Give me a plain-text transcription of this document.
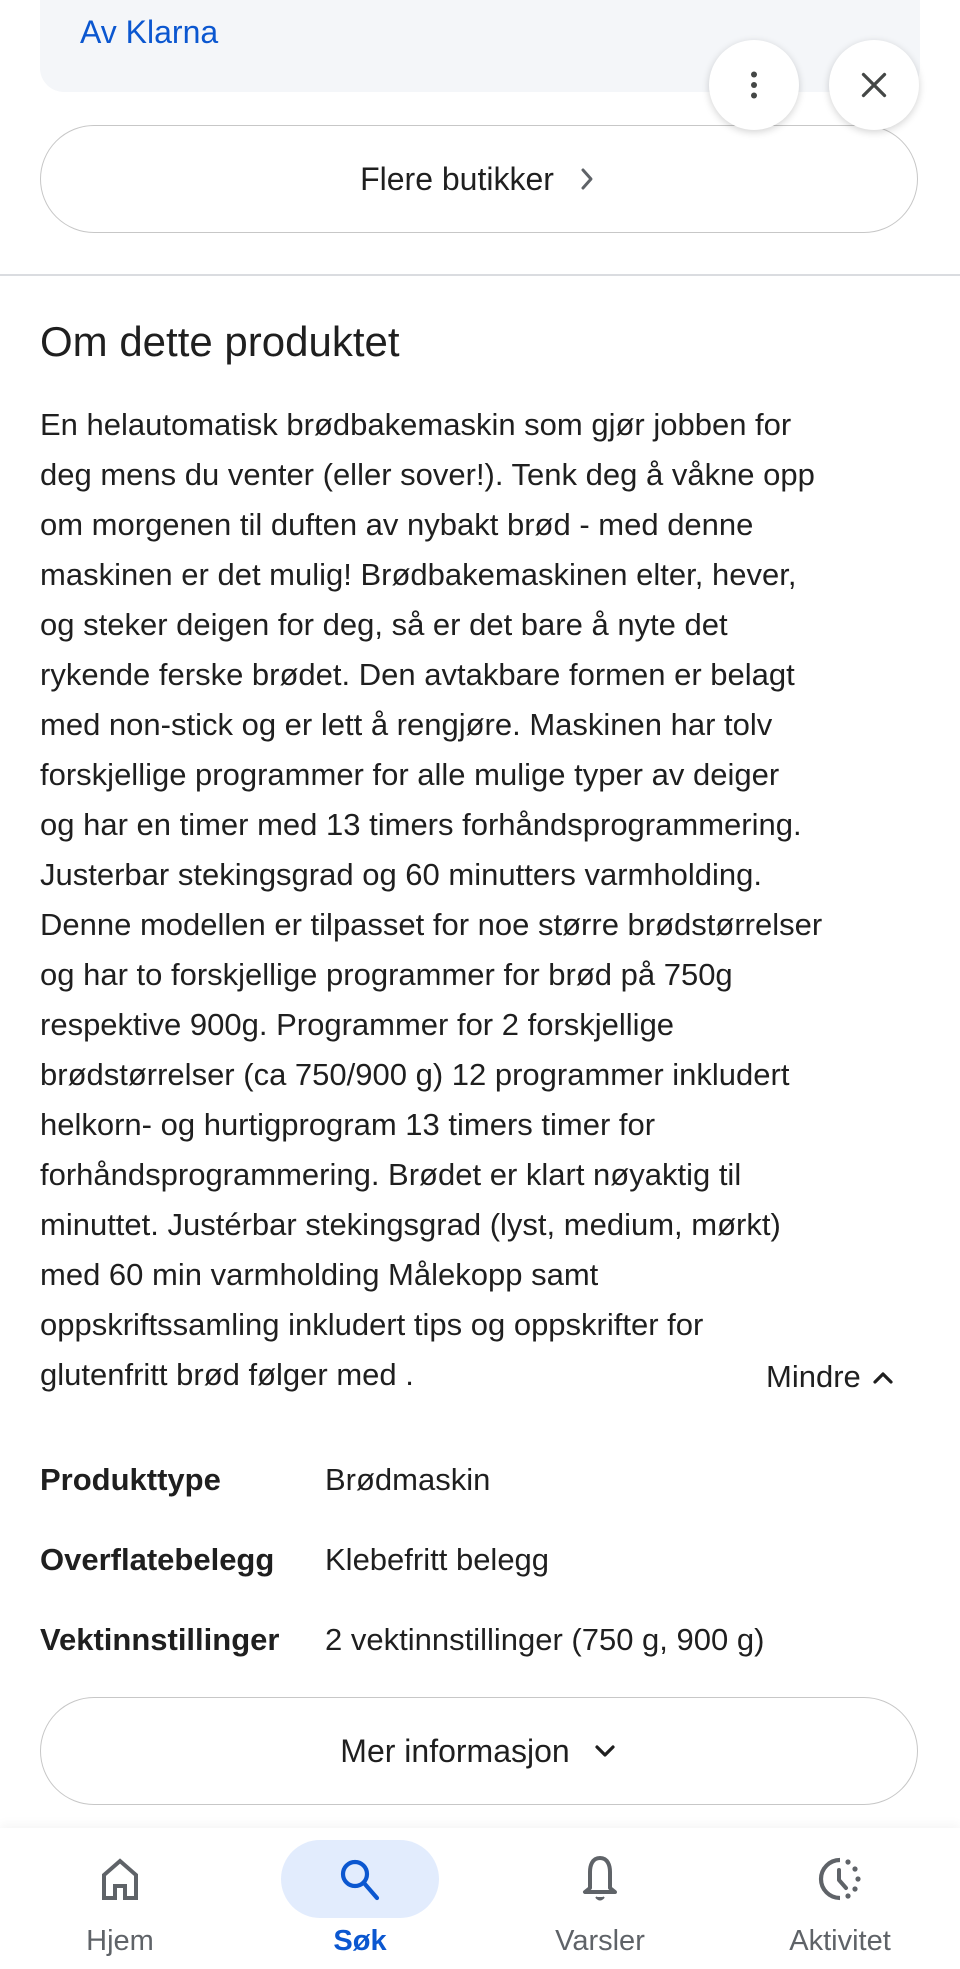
Av Klarna
Flere butikker
Om dette produktet

En helautomatisk brødbakemaskin som gjør jobben for
deg mens du venter (eller sover!). Tenk deg å våkne opp
om morgenen til duften av nybakt brød - med denne
maskinen er det mulig! Brødbakemaskinen elter, hever,
og steker deigen for deg, så er det bare å nyte det
rykende ferske brødet. Den avtakbare formen er belagt
med non-stick og er lett å rengjøre. Maskinen har tolv
forskjellige programmer for alle mulige typer av deiger
og har en timer med 13 timers forhåndsprogrammering.
Justerbar stekingsgrad og 60 minutters varmholding.
Denne modellen er tilpasset for noe større brødstørrelser
og har to forskjellige programmer for brød på 750g
respektive 900g. Programmer for 2 forskjellige
brødstørrelser (ca 750/900 g) 12 programmer inkludert
helkorn- og hurtigprogram 13 timers timer for
forhåndsprogrammering. Brødet er klart nøyaktig til
minuttet. Justérbar stekingsgrad (lyst, medium, mørkt)
med 60 min varmholding Målekopp samt
oppskriftssamling inkludert tips og oppskrifter for
glutenfritt brød følger med .	Mindre
Produkttype	Brødmaskin
Overflatebelegg	Klebefritt belegg
Vektinnstillinger	2 vektinnstillinger (750 g, 900 g)
Mer informasjon
Hjem	Søk	Varsler	Aktivitet
